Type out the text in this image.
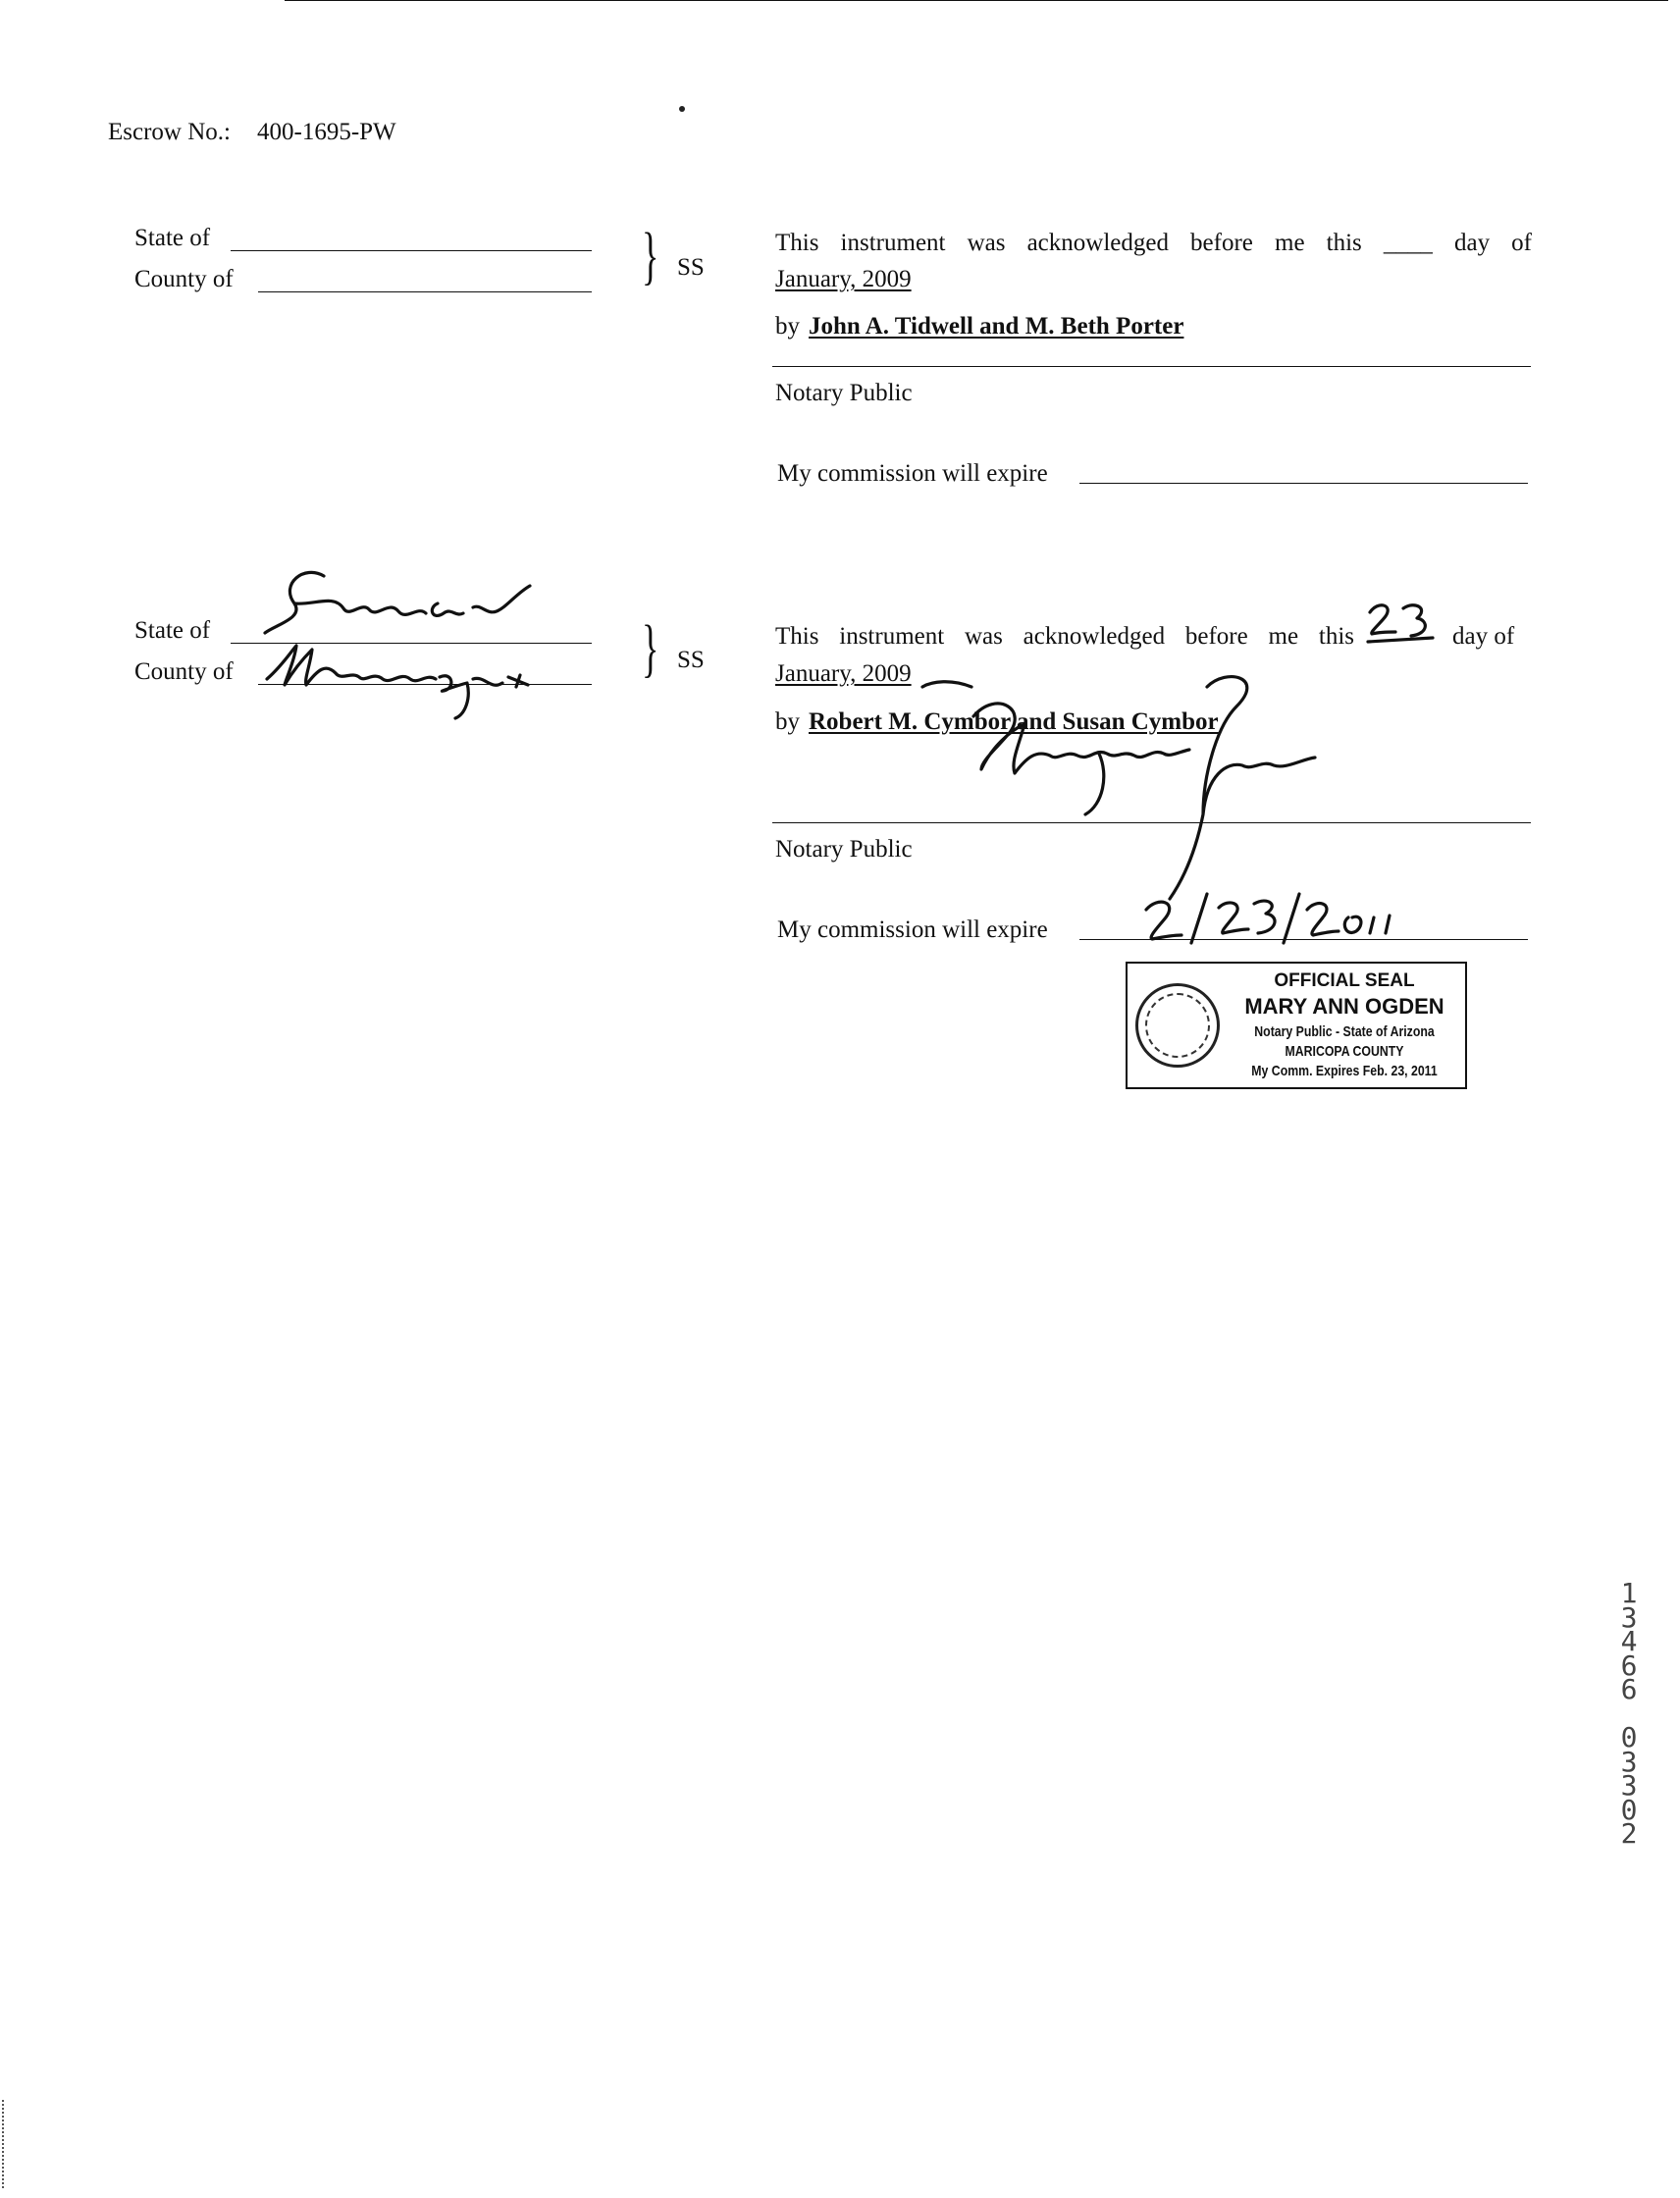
Escrow No.: 400-1695-PW
State of
County of	} SS
This instrument was acknowledged before me this ____ day of
January, 2009
by John A. Tidwell and M. Beth Porter
Notary Public
My commission will expire
State of
County of	} SS
This instrument was acknowledged before me this	day of
January, 2009
by Robert M. Cymbor and Susan Cymbor
Notary Public
My commission will expire
OFFICIAL SEAL
MARY ANN OGDEN
Notary Public - State of Arizona
MARICOPA COUNTY
My Comm. Expires Feb. 23, 2011
1
3
4
6
6

0
3
3
0
2
